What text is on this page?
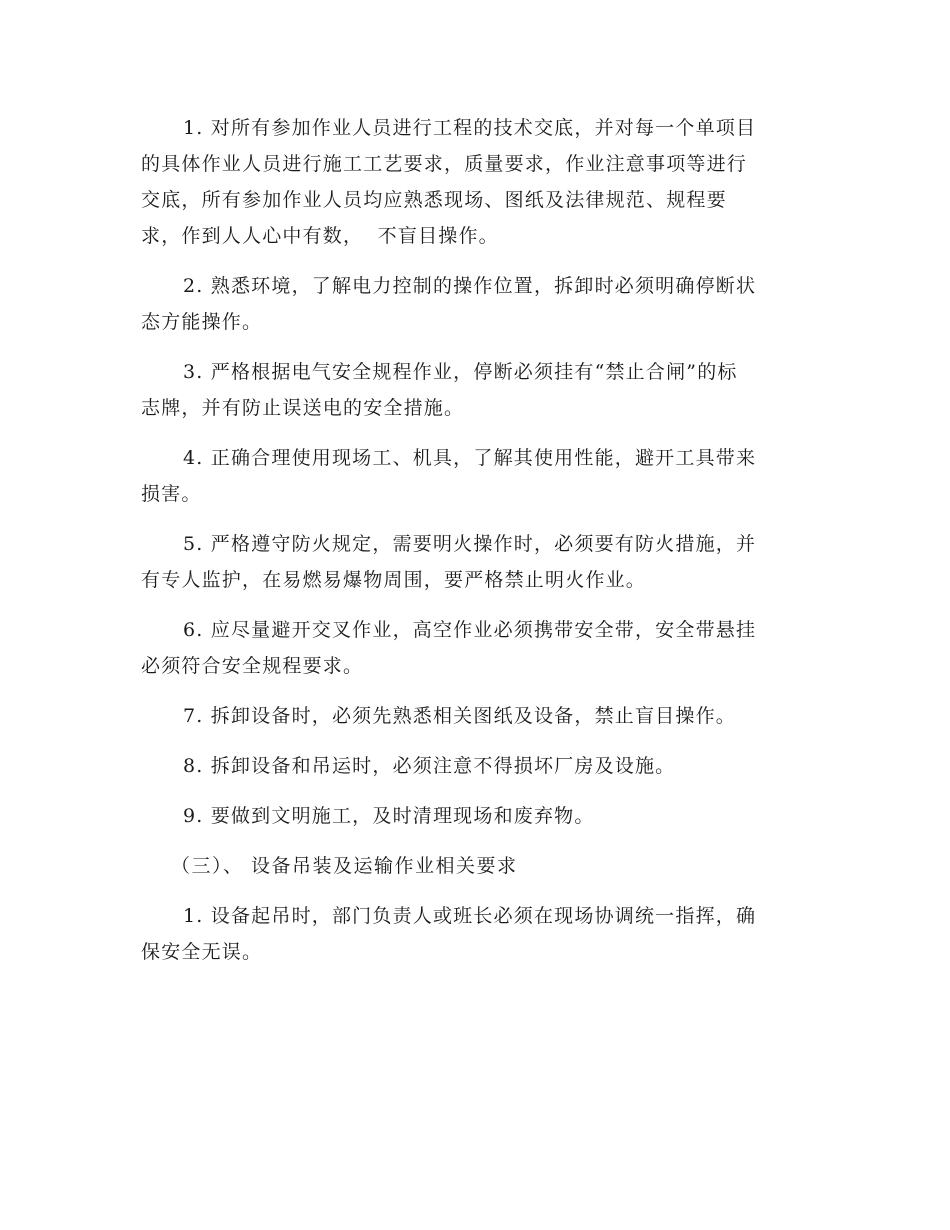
1. 对所有参加作业人员进行工程的技术交底，并对每一个单项目
的具体作业人员进行施工工艺要求，质量要求，作业注意事项等进行
交底，所有参加作业人员均应熟悉现场、图纸及法律规范、规程要
求，作到人人心中有数，  不盲目操作。

2. 熟悉环境，了解电力控制的操作位置，拆卸时必须明确停断状
态方能操作。

3. 严格根据电气安全规程作业，停断必须挂有“禁止合闸”的标
志牌，并有防止误送电的安全措施。

4. 正确合理使用现场工、机具，了解其使用性能，避开工具带来
损害。

5. 严格遵守防火规定，需要明火操作时，必须要有防火措施，并
有专人监护，在易燃易爆物周围，要严格禁止明火作业。

6. 应尽量避开交叉作业，高空作业必须携带安全带，安全带悬挂
必须符合安全规程要求。

7. 拆卸设备时，必须先熟悉相关图纸及设备，禁止盲目操作。

8. 拆卸设备和吊运时，必须注意不得损坏厂房及设施。

9. 要做到文明施工，及时清理现场和废弃物。

（三）、 设备吊装及运输作业相关要求

1. 设备起吊时，部门负责人或班长必须在现场协调统一指挥，确
保安全无误。
